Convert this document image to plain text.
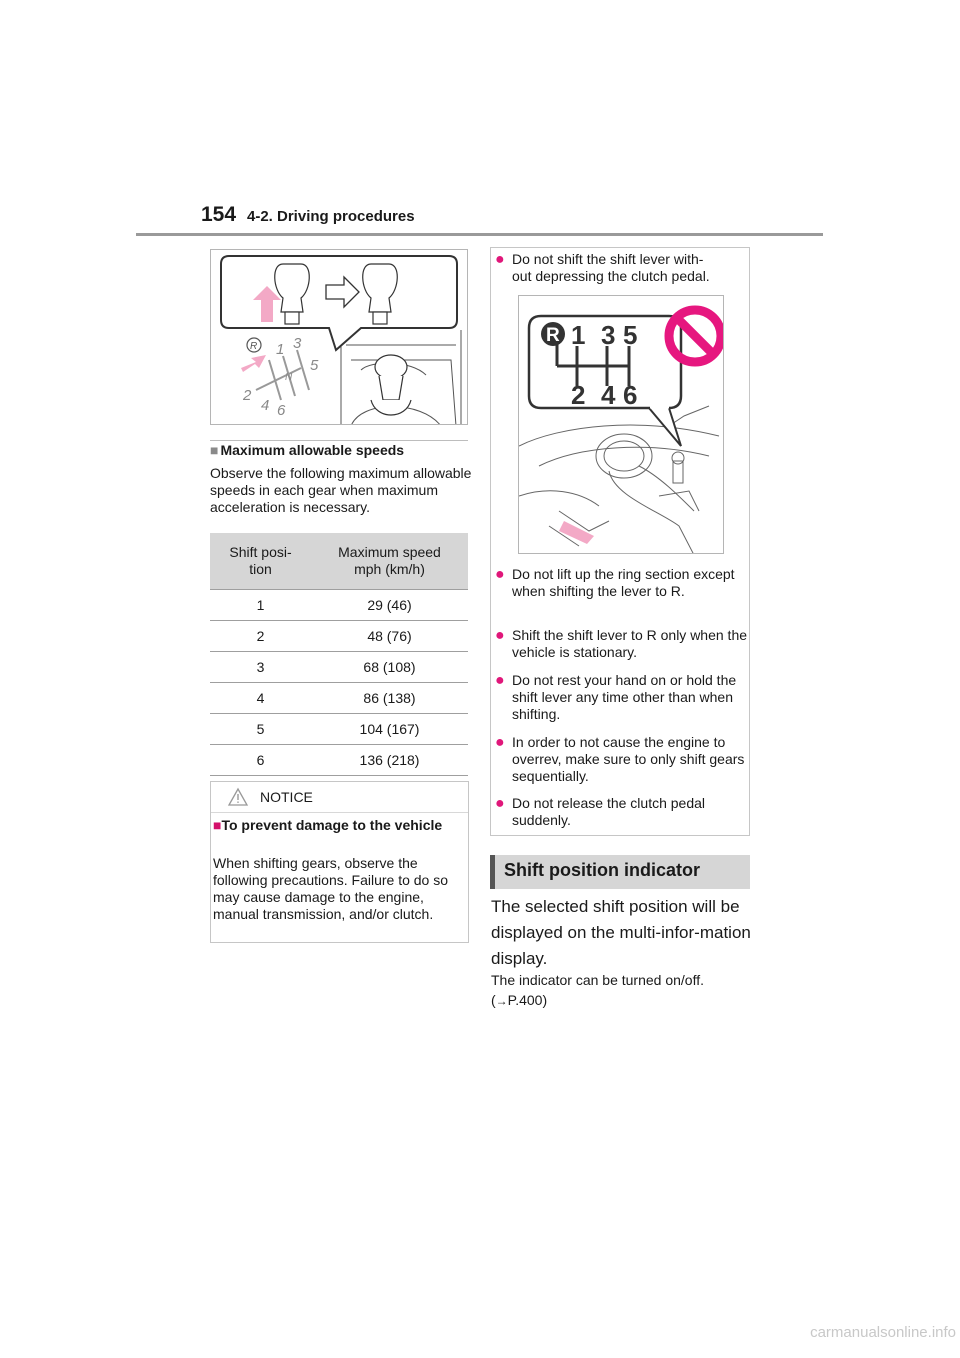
154 4-2. Driving procedures
R 1 3
5
2
4 6
N
■ Maximum allowable speeds
Observe the following maximum allowable speeds in each gear when maximum acceleration is necessary.
Shift posi-
tion	Maximum speed
mph (km/h)
1	29 (46)
2	48 (76)
3	68 (108)
4	86 (138)
5	104 (167)
6	136 (218)
NOTICE
■To prevent damage to the vehicle
When shifting gears, observe the following precautions. Failure to do so may cause damage to the engine, manual transmission, and/or clutch.
● Do not shift the shift lever with-
out depressing the clutch pedal.
R 1 3 5
2 4 6
● Do not lift up the ring section except when shifting the lever to R.
● Shift the shift lever to R only when the vehicle is stationary.
● Do not rest your hand on or hold the shift lever any time other than when shifting.
● In order to not cause the engine to overrev, make sure to only shift gears sequentially.
● Do not release the clutch pedal suddenly.
Shift position indicator
The selected shift position will be displayed on the multi-infor-mation display.
The indicator can be turned on/off.
(→P.400)
carmanualsonline.info
